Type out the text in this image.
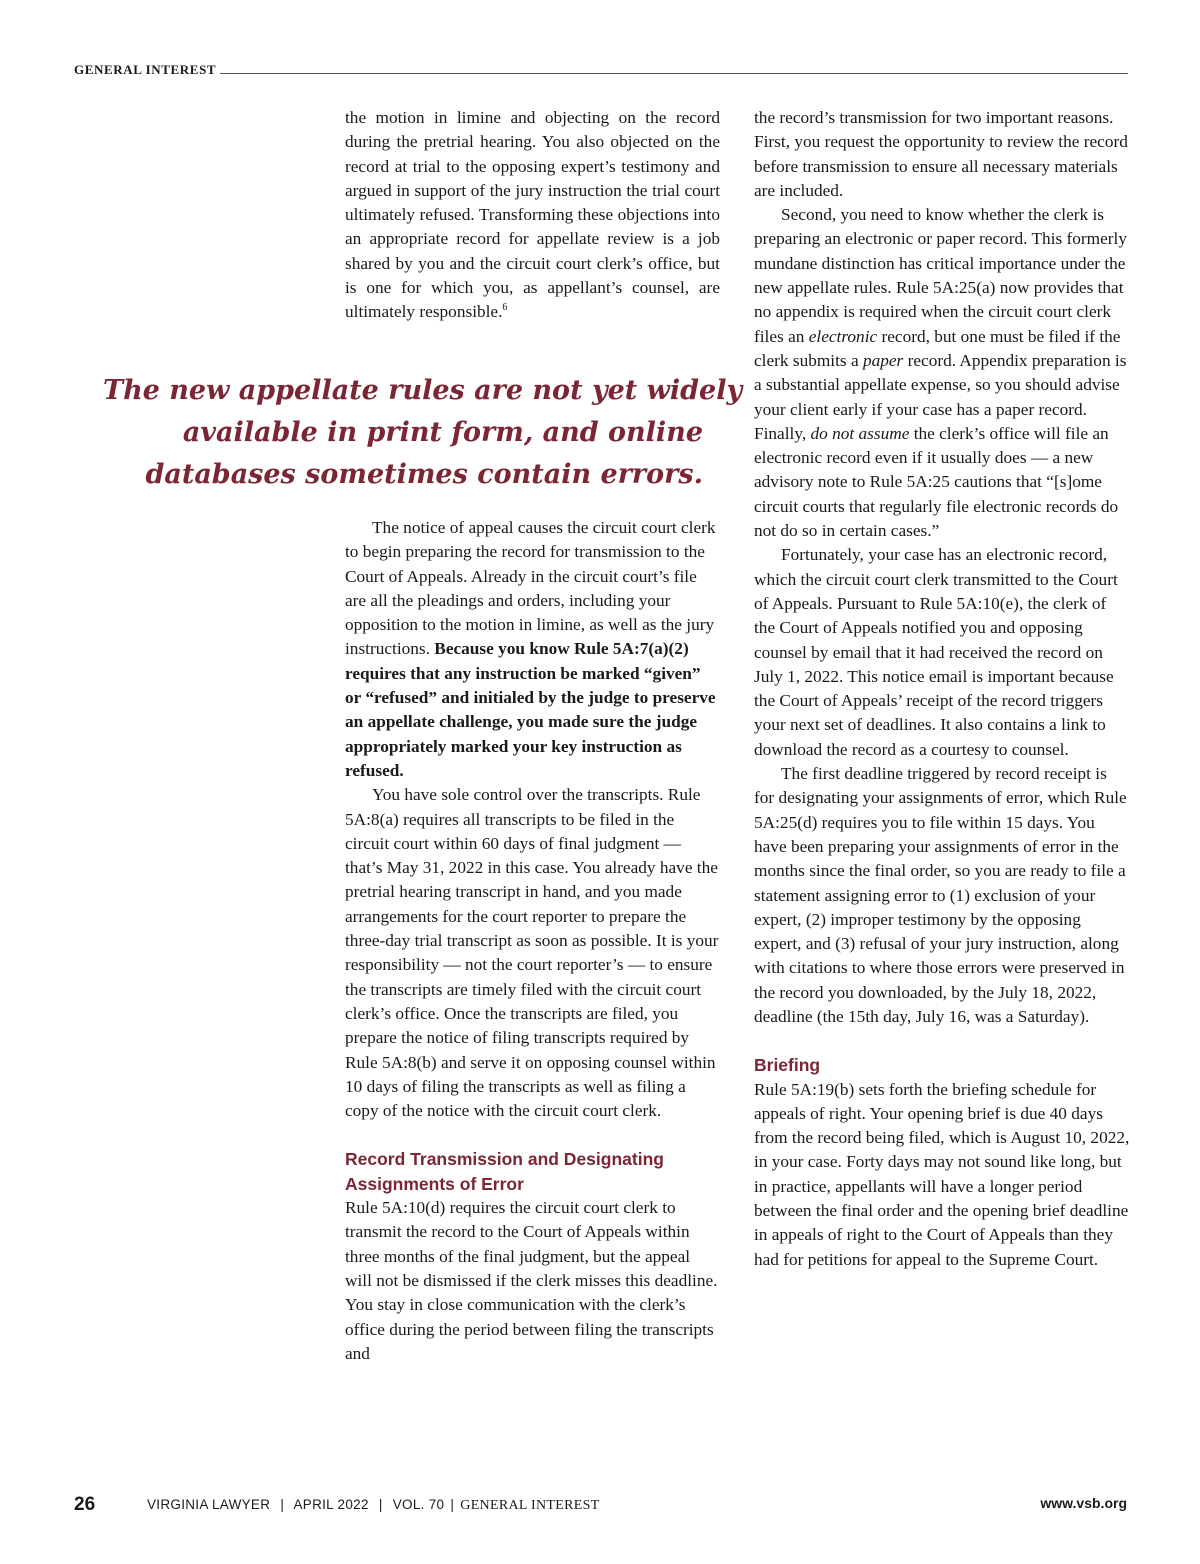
GENERAL INTEREST

the motion in limine and objecting on the record during the pretrial hearing. You also objected on the record at trial to the opposing expert’s testimony and argued in support of the jury instruction the trial court ultimately refused. Transforming these objections into an appropriate record for appellate review is a job shared by you and the circuit court clerk’s office, but is one for which you, as appellant’s counsel, are ultimately responsible.$^6$

The new appellate rules are not yet widely
available in print form, and online
databases sometimes contain errors.

The notice of appeal causes the circuit court clerk to begin preparing the record for transmission to the Court of Appeals. Already in the circuit court’s file are all the pleadings and orders, including your opposition to the motion in limine, as well as the jury instructions. Because you know Rule 5A:7(a)(2) requires that any instruction be marked “given” or “refused” and initialed by the judge to preserve an appellate challenge, you made sure the judge appropriately marked your key instruction as refused.

You have sole control over the transcripts. Rule 5A:8(a) requires all transcripts to be filed in the circuit court within 60 days of final judgment — that’s May 31, 2022 in this case. You already have the pretrial hearing transcript in hand, and you made arrangements for the court reporter to prepare the three-day trial transcript as soon as possible. It is your responsibility — not the court reporter’s — to ensure the transcripts are timely filed with the circuit court clerk’s office. Once the transcripts are filed, you prepare the notice of filing transcripts required by Rule 5A:8(b) and serve it on opposing counsel within 10 days of filing the transcripts as well as filing a copy of the notice with the circuit court clerk.

Record Transmission and Designating Assignments of Error

Rule 5A:10(d) requires the circuit court clerk to transmit the record to the Court of Appeals within three months of the final judgment, but the appeal will not be dismissed if the clerk misses this deadline. You stay in close communication with the clerk’s office during the period between filing the transcripts and

the record’s transmission for two important reasons. First, you request the opportunity to review the record before transmission to ensure all necessary materials are included.

Second, you need to know whether the clerk is preparing an electronic or paper record. This formerly mundane distinction has critical importance under the new appellate rules. Rule 5A:25(a) now provides that no appendix is required when the circuit court clerk files an electronic record, but one must be filed if the clerk submits a paper record. Appendix preparation is a substantial appellate expense, so you should advise your client early if your case has a paper record. Finally, do not assume the clerk’s office will file an electronic record even if it usually does — a new advisory note to Rule 5A:25 cautions that “[s]ome circuit courts that regularly file electronic records do not do so in certain cases.”

Fortunately, your case has an electronic record, which the circuit court clerk transmitted to the Court of Appeals. Pursuant to Rule 5A:10(e), the clerk of the Court of Appeals notified you and opposing counsel by email that it had received the record on July 1, 2022. This notice email is important because the Court of Appeals’ receipt of the record triggers your next set of deadlines. It also contains a link to download the record as a courtesy to counsel.

The first deadline triggered by record receipt is for designating your assignments of error, which Rule 5A:25(d) requires you to file within 15 days. You have been preparing your assignments of error in the months since the final order, so you are ready to file a statement assigning error to (1) exclusion of your expert, (2) improper testimony by the opposing expert, and (3) refusal of your jury instruction, along with citations to where those errors were preserved in the record you downloaded, by the July 18, 2022, deadline (the 15th day, July 16, was a Saturday).

Briefing

Rule 5A:19(b) sets forth the briefing schedule for appeals of right. Your opening brief is due 40 days from the record being filed, which is August 10, 2022, in your case. Forty days may not sound like long, but in practice, appellants will have a longer period between the final order and the opening brief deadline in appeals of right to the Court of Appeals than they had for petitions for appeal to the Supreme Court.

26	VIRGINIA LAWYER | APRIL 2022 | VOL. 70 | GENERAL INTEREST	www.vsb.org
